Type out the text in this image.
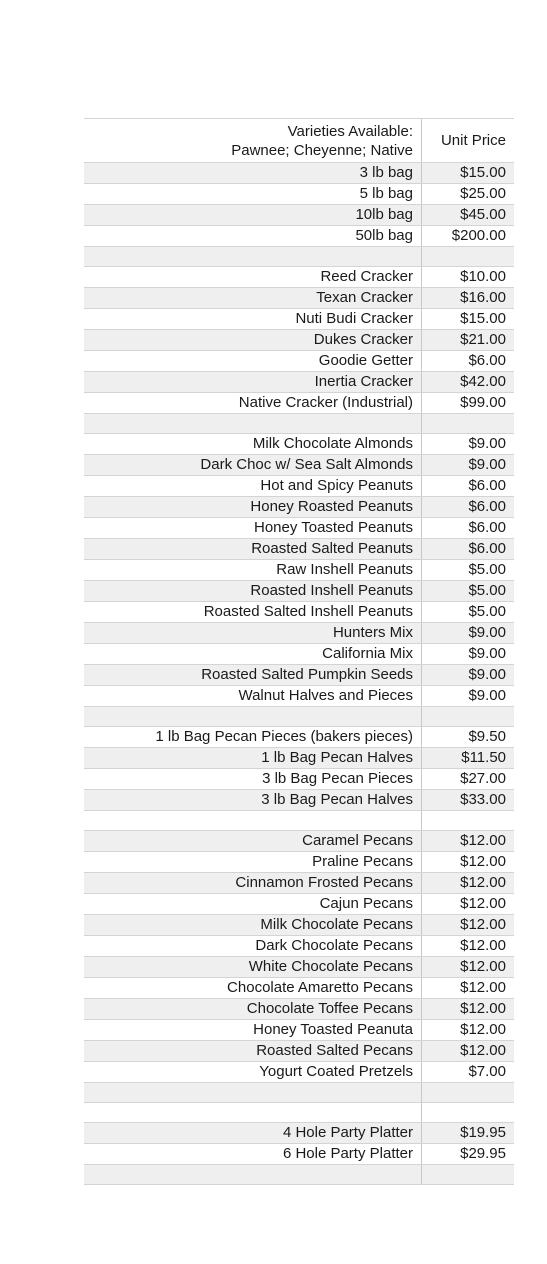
Varieties Available:
Pawnee; Cheyenne; Native
Unit Price
3 lb bag	$15.00
5 lb bag	$25.00
10lb bag	$45.00
50lb bag	$200.00
Reed Cracker	$10.00
Texan Cracker	$16.00
Nuti Budi Cracker	$15.00
Dukes Cracker	$21.00
Goodie Getter	$6.00
Inertia Cracker	$42.00
Native Cracker (Industrial)	$99.00
Milk Chocolate Almonds	$9.00
Dark Choc w/ Sea Salt Almonds	$9.00
Hot and Spicy Peanuts	$6.00
Honey Roasted Peanuts	$6.00
Honey Toasted Peanuts	$6.00
Roasted Salted Peanuts	$6.00
Raw Inshell Peanuts	$5.00
Roasted Inshell Peanuts	$5.00
Roasted Salted Inshell Peanuts	$5.00
Hunters Mix	$9.00
California Mix	$9.00
Roasted Salted Pumpkin Seeds	$9.00
Walnut Halves and Pieces	$9.00
1 lb Bag Pecan Pieces (bakers pieces)	$9.50
1 lb Bag Pecan Halves	$11.50
3 lb Bag Pecan Pieces	$27.00
3 lb Bag Pecan Halves	$33.00
Caramel Pecans	$12.00
Praline Pecans	$12.00
Cinnamon Frosted Pecans	$12.00
Cajun Pecans	$12.00
Milk Chocolate Pecans	$12.00
Dark Chocolate Pecans	$12.00
White Chocolate Pecans	$12.00
Chocolate Amaretto Pecans	$12.00
Chocolate Toffee Pecans	$12.00
Honey Toasted Peanuta	$12.00
Roasted Salted Pecans	$12.00
Yogurt Coated Pretzels	$7.00
4 Hole Party Platter	$19.95
6 Hole Party Platter	$29.95
